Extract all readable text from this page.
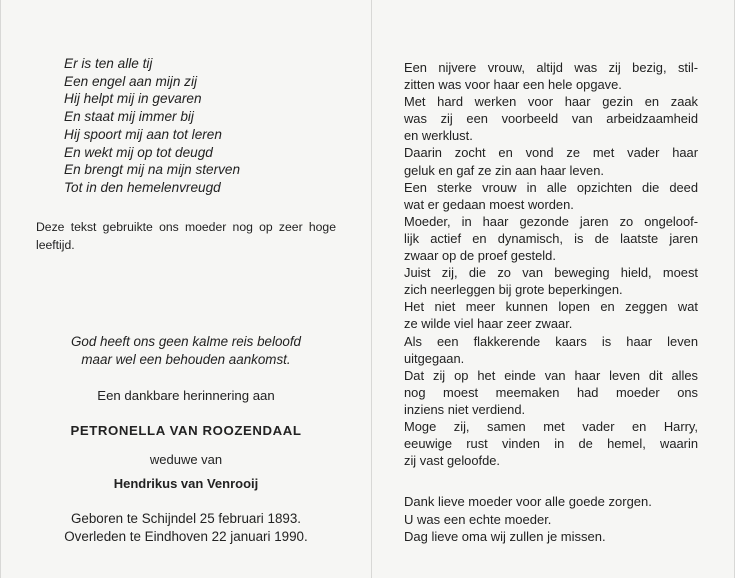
Er is ten alle tij
Een engel aan mijn zij
Hij helpt mij in gevaren
En staat mij immer bij
Hij spoort mij aan tot leren
En wekt mij op tot deugd
En brengt mij na mijn sterven
Tot in den hemelenvreugd
Deze tekst gebruikte ons moeder nog op zeer hoge leeftijd.
God heeft ons geen kalme reis beloofd
maar wel een behouden aankomst.
Een dankbare herinnering aan
PETRONELLA VAN ROOZENDAAL
weduwe van
Hendrikus van Venrooij
Geboren te Schijndel 25 februari 1893.
Overleden te Eindhoven 22 januari 1990.

Een nijvere vrouw, altijd was zij bezig, stil-
zitten was voor haar een hele opgave.

Met hard werken voor haar gezin en zaak
was zij een voorbeeld van arbeidzaamheid
en werklust.

Daarin zocht en vond ze met vader haar
geluk en gaf ze zin aan haar leven.

Een sterke vrouw in alle opzichten die deed
wat er gedaan moest worden.

Moeder, in haar gezonde jaren zo ongeloof-
lijk actief en dynamisch, is de laatste jaren
zwaar op de proef gesteld.

Juist zij, die zo van beweging hield, moest
zich neerleggen bij grote beperkingen.

Het niet meer kunnen lopen en zeggen wat
ze wilde viel haar zeer zwaar.

Als een flakkerende kaars is haar leven
uitgegaan.

Dat zij op het einde van haar leven dit alles
nog moest meemaken had moeder ons
inziens niet verdiend.

Moge zij, samen met vader en Harry,
eeuwige rust vinden in de hemel, waarin
zij vast geloofde.

Dank lieve moeder voor alle goede zorgen.
U was een echte moeder.
Dag lieve oma wij zullen je missen.
